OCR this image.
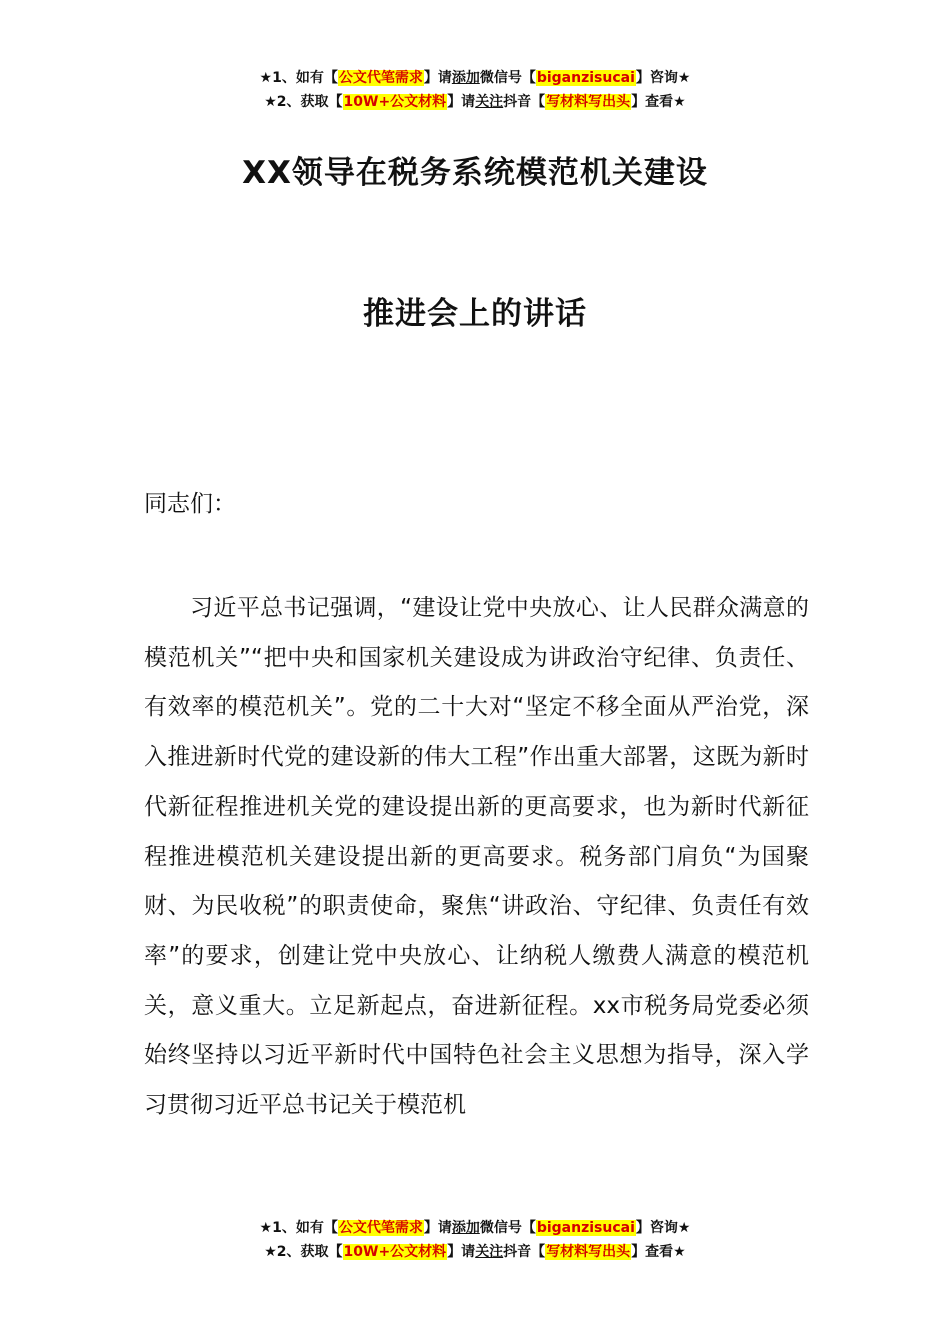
★1、如有【公文代笔需求】请添加微信号【biganzisucai】咨询★
★2、获取【10W+公文材料】请关注抖音【写材料写出头】查看★
XX领导在税务系统模范机关建设
推进会上的讲话
同志们：

习近平总书记强调，“建设让党中央放心、让人民群众满意的模范机关”“把中央和国家机关建设成为讲政治守纪律、负责任、有效率的模范机关”。党的二十大对“坚定不移全面从严治党，深入推进新时代党的建设新的伟大工程”作出重大部署，这既为新时代新征程推进机关党的建设提出新的更高要求，也为新时代新征程推进模范机关建设提出新的更高要求。税务部门肩负“为国聚财、为民收税”的职责使命，聚焦“讲政治、守纪律、负责任有效率”的要求，创建让党中央放心、让纳税人缴费人满意的模范机关，意义重大。立足新起点，奋进新征程。xx市税务局党委必须始终坚持以习近平新时代中国特色社会主义思想为指导，深入学习贯彻习近平总书记关于模范机

★1、如有【公文代笔需求】请添加微信号【biganzisucai】咨询★
★2、获取【10W+公文材料】请关注抖音【写材料写出头】查看★
